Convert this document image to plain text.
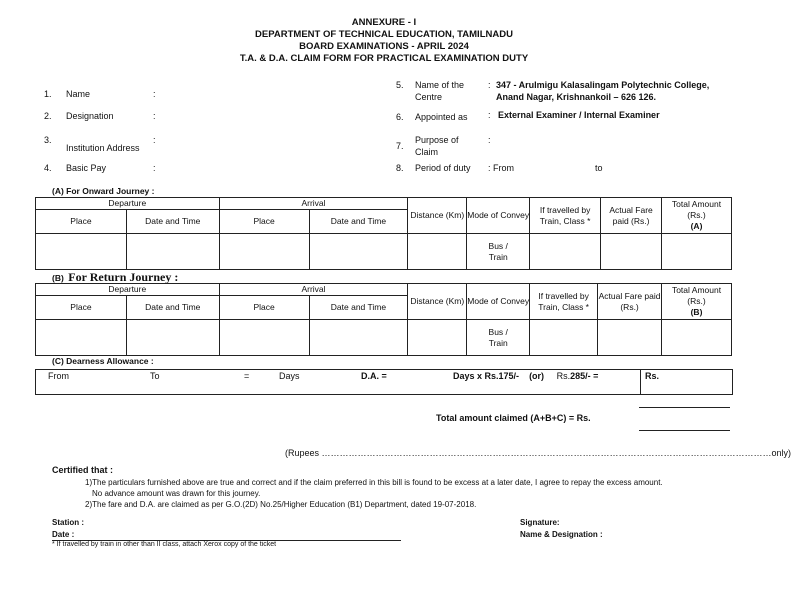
ANNEXURE - I
DEPARTMENT OF TECHNICAL EDUCATION, TAMILNADU
BOARD EXAMINATIONS - APRIL 2024
T.A. & D.A. CLAIM FORM FOR PRACTICAL EXAMINATION DUTY
1. Name	:
2. Designation	:
3.
Institution Address
:
4. Basic Pay	:
5. Name of the
Centre
: 347 - Arulmigu Kalasalingam Polytechnic College,
Anand Nagar, Krishnankoil – 626 126.
6. Appointed as : External Examiner / Internal Examiner
7.
Purpose of
Claim
:
8. Period of duty : From	to
(A) For Onward Journey :
Departure		Arrival		Distance (Km)	Mode of Convey	If travelled by Train, Class *	Actual Fare paid (Rs.)	Total Amount (Rs.)
(A)
Place	Date and Time	Place	Date and Time					

					Bus / Train			

(B) For Return Journey :
Departure		Arrival		Distance (Km)	Mode of Convey	If travelled by Train, Class *	Actual Fare paid (Rs.)	Total Amount (Rs.)
(B)
Place	Date and Time	Place	Date and Time					

					Bus / Train			

(C) Dearness Allowance :
From	To	=	Days	D.A. =	Days x Rs.175/- (or) Rs.285/- =	Rs.
Total amount claimed (A+B+C) = Rs.
(Rupees ……………………………………………………………………………………………………………………………………only)
Certified that :
1)The particulars furnished above are true and correct and if the claim preferred in this bill is found to be excess at a later date, I agree to repay the excess amount.
No advance amount was drawn for this journey.
2)The fare and D.A. are claimed as per G.O.(2D) No.25/Higher Education (B1) Department, dated 19-07-2018.
Station :
Date :
Signature:
Name & Designation :
* If travelled by train in other than II class, attach Xerox copy of the ticket
